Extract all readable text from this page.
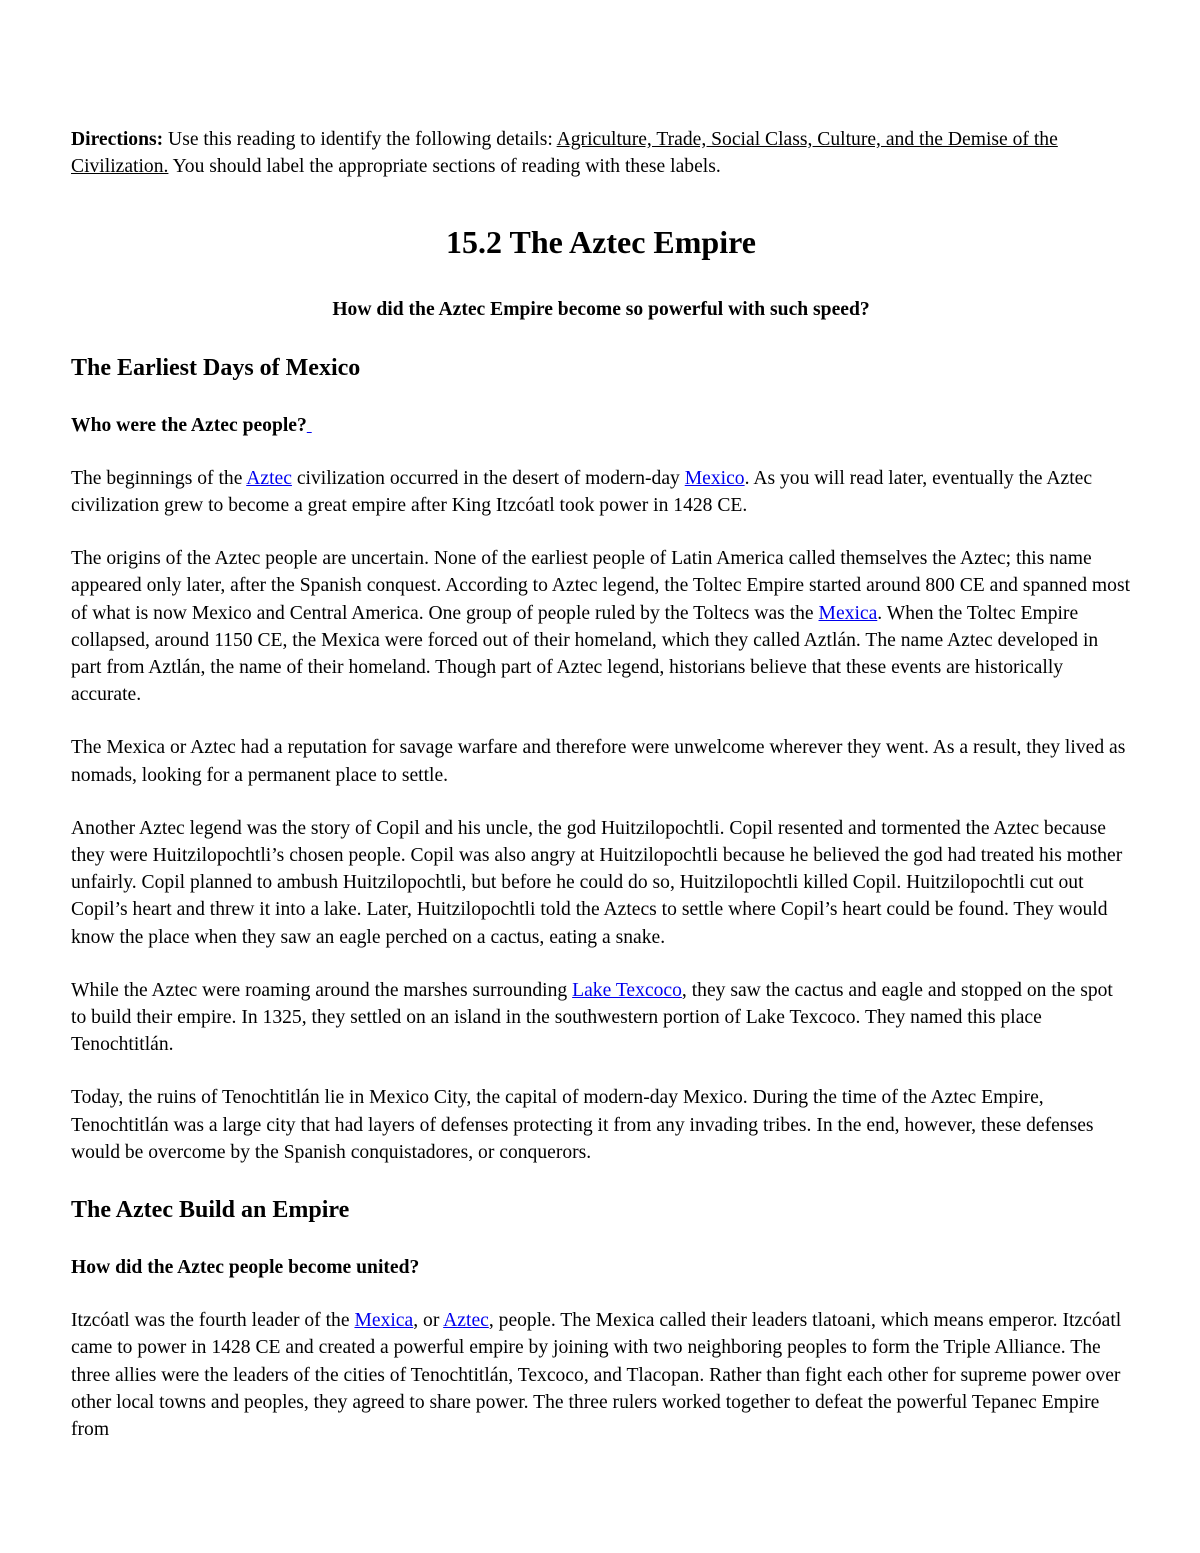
Directions: Use this reading to identify the following details: Agriculture, Trade, Social Class, Culture, and the Demise of the Civilization. You should label the appropriate sections of reading with these labels.

15.2 The Aztec Empire

How did the Aztec Empire become so powerful with such speed?

The Earliest Days of Mexico

Who were the Aztec people?

The beginnings of the Aztec civilization occurred in the desert of modern-day Mexico. As you will read later, eventually the Aztec civilization grew to become a great empire after King Itzcóatl took power in 1428 CE.

The origins of the Aztec people are uncertain. None of the earliest people of Latin America called themselves the Aztec; this name appeared only later, after the Spanish conquest. According to Aztec legend, the Toltec Empire started around 800 CE and spanned most of what is now Mexico and Central America. One group of people ruled by the Toltecs was the Mexica. When the Toltec Empire collapsed, around 1150 CE, the Mexica were forced out of their homeland, which they called Aztlán. The name Aztec developed in part from Aztlán, the name of their homeland. Though part of Aztec legend, historians believe that these events are historically accurate.

The Mexica or Aztec had a reputation for savage warfare and therefore were unwelcome wherever they went. As a result, they lived as nomads, looking for a permanent place to settle.

Another Aztec legend was the story of Copil and his uncle, the god Huitzilopochtli. Copil resented and tormented the Aztec because they were Huitzilopochtli’s chosen people. Copil was also angry at Huitzilopochtli because he believed the god had treated his mother unfairly. Copil planned to ambush Huitzilopochtli, but before he could do so, Huitzilopochtli killed Copil. Huitzilopochtli cut out Copil’s heart and threw it into a lake. Later, Huitzilopochtli told the Aztecs to settle where Copil’s heart could be found. They would know the place when they saw an eagle perched on a cactus, eating a snake.

While the Aztec were roaming around the marshes surrounding Lake Texcoco, they saw the cactus and eagle and stopped on the spot to build their empire. In 1325, they settled on an island in the southwestern portion of Lake Texcoco. They named this place Tenochtitlán.

Today, the ruins of Tenochtitlán lie in Mexico City, the capital of modern-day Mexico. During the time of the Aztec Empire, Tenochtitlán was a large city that had layers of defenses protecting it from any invading tribes. In the end, however, these defenses would be overcome by the Spanish conquistadores, or conquerors.

The Aztec Build an Empire

How did the Aztec people become united?

Itzcóatl was the fourth leader of the Mexica, or Aztec, people. The Mexica called their leaders tlatoani, which means emperor. Itzcóatl came to power in 1428 CE and created a powerful empire by joining with two neighboring peoples to form the Triple Alliance. The three allies were the leaders of the cities of Tenochtitlán, Texcoco, and Tlacopan. Rather than fight each other for supreme power over other local towns and peoples, they agreed to share power. The three rulers worked together to defeat the powerful Tepanec Empire from
